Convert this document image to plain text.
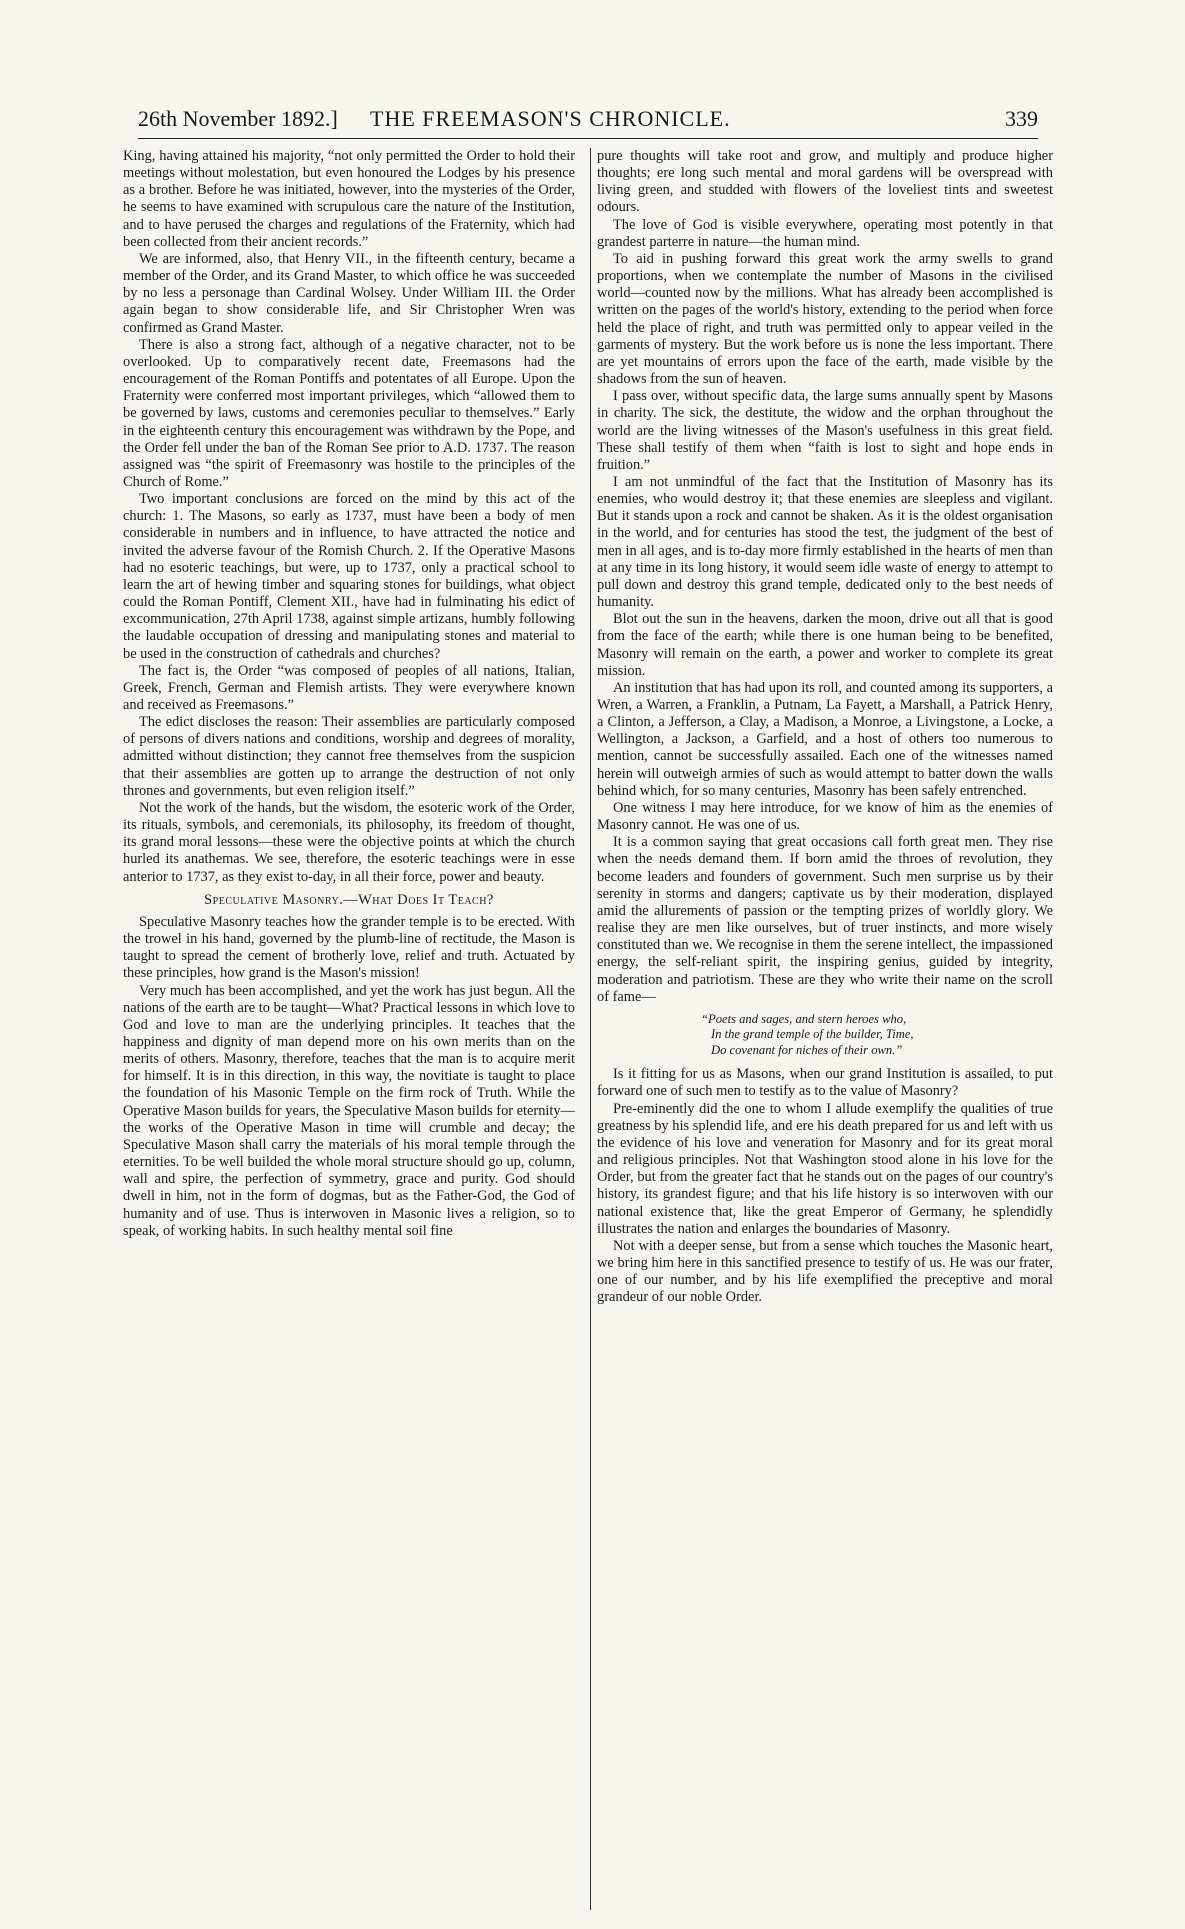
26th November 1892.] THE FREEMASON'S CHRONICLE.	339

King, having attained his majority, “not only permitted the Order to hold their meetings without molestation, but even honoured the Lodges by his presence as a brother. Before he was initiated, however, into the mysteries of the Order, he seems to have examined with scrupulous care the nature of the Institution, and to have perused the charges and regulations of the Fraternity, which had been collected from their ancient records.”

We are informed, also, that Henry VII., in the fifteenth century, became a member of the Order, and its Grand Master, to which office he was succeeded by no less a personage than Cardinal Wolsey. Under William III. the Order again began to show considerable life, and Sir Christopher Wren was confirmed as Grand Master.

There is also a strong fact, although of a negative character, not to be overlooked. Up to comparatively recent date, Freemasons had the encouragement of the Roman Pontiffs and potentates of all Europe. Upon the Fraternity were conferred most important privileges, which “allowed them to be governed by laws, customs and ceremonies peculiar to themselves.” Early in the eighteenth century this encouragement was withdrawn by the Pope, and the Order fell under the ban of the Roman See prior to A.D. 1737. The reason assigned was “the spirit of Freemasonry was hostile to the principles of the Church of Rome.”

Two important conclusions are forced on the mind by this act of the church: 1. The Masons, so early as 1737, must have been a body of men considerable in numbers and in influence, to have attracted the notice and invited the adverse favour of the Romish Church. 2. If the Operative Masons had no esoteric teachings, but were, up to 1737, only a practical school to learn the art of hewing timber and squaring stones for buildings, what object could the Roman Pontiff, Clement XII., have had in fulminating his edict of excommunication, 27th April 1738, against simple artizans, humbly following the laudable occupation of dressing and manipulating stones and material to be used in the construction of cathedrals and churches?

The fact is, the Order “was composed of peoples of all nations, Italian, Greek, French, German and Flemish artists. They were everywhere known and received as Freemasons.”

The edict discloses the reason: Their assemblies are particularly composed of persons of divers nations and conditions, worship and degrees of morality, admitted without distinction; they cannot free themselves from the suspicion that their assemblies are gotten up to arrange the destruction of not only thrones and governments, but even religion itself.”

Not the work of the hands, but the wisdom, the esoteric work of the Order, its rituals, symbols, and ceremonials, its philosophy, its freedom of thought, its grand moral lessons—these were the objective points at which the church hurled its anathemas. We see, therefore, the esoteric teachings were in esse anterior to 1737, as they exist to-day, in all their force, power and beauty.

Speculative Masonry.—What Does It Teach?

Speculative Masonry teaches how the grander temple is to be erected. With the trowel in his hand, governed by the plumb-line of rectitude, the Mason is taught to spread the cement of brotherly love, relief and truth. Actuated by these principles, how grand is the Mason's mission!

Very much has been accomplished, and yet the work has just begun. All the nations of the earth are to be taught—What? Practical lessons in which love to God and love to man are the underlying principles. It teaches that the happiness and dignity of man depend more on his own merits than on the merits of others. Masonry, therefore, teaches that the man is to acquire merit for himself. It is in this direction, in this way, the novitiate is taught to place the foundation of his Masonic Temple on the firm rock of Truth. While the Operative Mason builds for years, the Speculative Mason builds for eternity—the works of the Operative Mason in time will crumble and decay; the Speculative Mason shall carry the materials of his moral temple through the eternities. To be well builded the whole moral structure should go up, column, wall and spire, the perfection of symmetry, grace and purity. God should dwell in him, not in the form of dogmas, but as the Father-God, the God of humanity and of use. Thus is interwoven in Masonic lives a religion, so to speak, of working habits. In such healthy mental soil fine

pure thoughts will take root and grow, and multiply and produce higher thoughts; ere long such mental and moral gardens will be overspread with living green, and studded with flowers of the loveliest tints and sweetest odours.

The love of God is visible everywhere, operating most potently in that grandest parterre in nature—the human mind.

To aid in pushing forward this great work the army swells to grand proportions, when we contemplate the number of Masons in the civilised world—counted now by the millions. What has already been accomplished is written on the pages of the world's history, extending to the period when force held the place of right, and truth was permitted only to appear veiled in the garments of mystery. But the work before us is none the less important. There are yet mountains of errors upon the face of the earth, made visible by the shadows from the sun of heaven.

I pass over, without specific data, the large sums annually spent by Masons in charity. The sick, the destitute, the widow and the orphan throughout the world are the living witnesses of the Mason's usefulness in this great field. These shall testify of them when “faith is lost to sight and hope ends in fruition.”

I am not unmindful of the fact that the Institution of Masonry has its enemies, who would destroy it; that these enemies are sleepless and vigilant. But it stands upon a rock and cannot be shaken. As it is the oldest organisation in the world, and for centuries has stood the test, the judgment of the best of men in all ages, and is to-day more firmly established in the hearts of men than at any time in its long history, it would seem idle waste of energy to attempt to pull down and destroy this grand temple, dedicated only to the best needs of humanity.

Blot out the sun in the heavens, darken the moon, drive out all that is good from the face of the earth; while there is one human being to be benefited, Masonry will remain on the earth, a power and worker to complete its great mission.

An institution that has had upon its roll, and counted among its supporters, a Wren, a Warren, a Franklin, a Putnam, La Fayett, a Marshall, a Patrick Henry, a Clinton, a Jefferson, a Clay, a Madison, a Monroe, a Livingstone, a Locke, a Wellington, a Jackson, a Garfield, and a host of others too numerous to mention, cannot be successfully assailed. Each one of the witnesses named herein will outweigh armies of such as would attempt to batter down the walls behind which, for so many centuries, Masonry has been safely entrenched.

One witness I may here introduce, for we know of him as the enemies of Masonry cannot. He was one of us.

It is a common saying that great occasions call forth great men. They rise when the needs demand them. If born amid the throes of revolution, they become leaders and founders of government. Such men surprise us by their serenity in storms and dangers; captivate us by their moderation, displayed amid the allurements of passion or the tempting prizes of worldly glory. We realise they are men like ourselves, but of truer instincts, and more wisely constituted than we. We recognise in them the serene intellect, the impassioned energy, the self-reliant spirit, the inspiring genius, guided by integrity, moderation and patriotism. These are they who write their name on the scroll of fame—

“Poets and sages, and stern heroes who,
In the grand temple of the builder, Time,
Do covenant for niches of their own.”

Is it fitting for us as Masons, when our grand Institution is assailed, to put forward one of such men to testify as to the value of Masonry?

Pre-eminently did the one to whom I allude exemplify the qualities of true greatness by his splendid life, and ere his death prepared for us and left with us the evidence of his love and veneration for Masonry and for its great moral and religious principles. Not that Washington stood alone in his love for the Order, but from the greater fact that he stands out on the pages of our country's history, its grandest figure; and that his life history is so interwoven with our national existence that, like the great Emperor of Germany, he splendidly illustrates the nation and enlarges the boundaries of Masonry.

Not with a deeper sense, but from a sense which touches the Masonic heart, we bring him here in this sanctified presence to testify of us. He was our frater, one of our number, and by his life exemplified the preceptive and moral grandeur of our noble Order.
